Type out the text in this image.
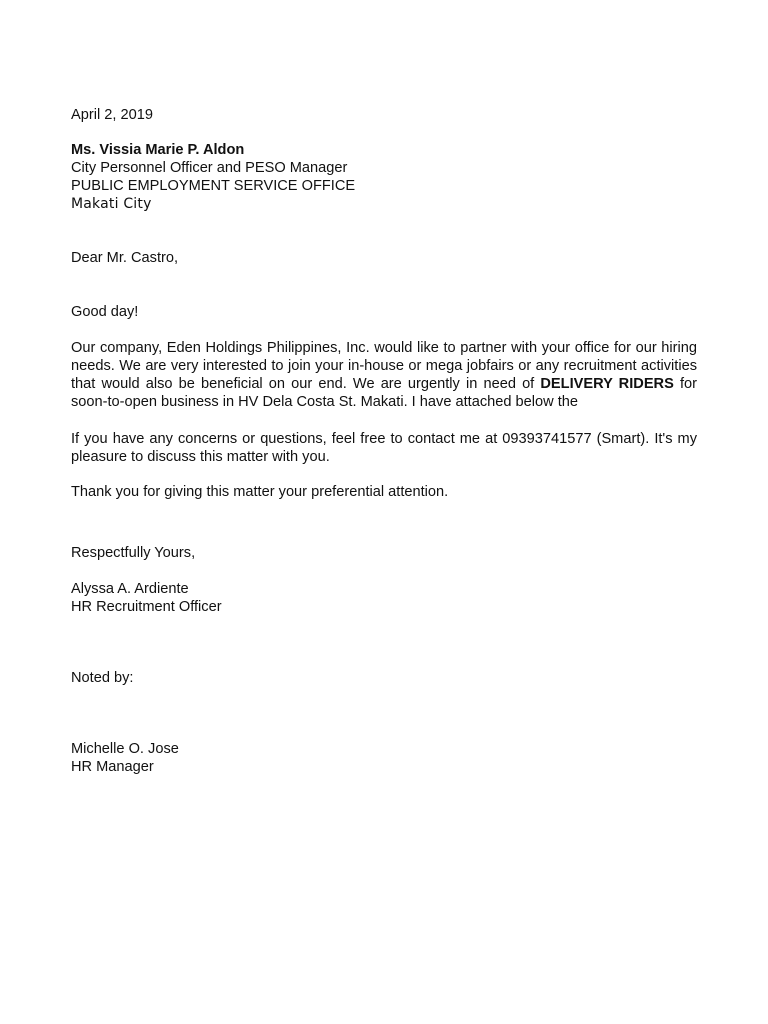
April 2, 2019
Ms. Vissia Marie P. Aldon
City Personnel Officer and PESO Manager
PUBLIC EMPLOYMENT SERVICE OFFICE
Makati City
Dear Mr. Castro,
Good day!

Our company, Eden Holdings Philippines, Inc. would like to partner with your office for our hiring needs. We are very interested to join your in-house or mega jobfairs or any recruitment activities that would also be beneficial on our end. We are urgently in need of DELIVERY RIDERS for soon-to-open business in HV Dela Costa St. Makati. I have attached below the

If you have any concerns or questions, feel free to contact me at 09393741577 (Smart). It's my pleasure to discuss this matter with you.

Thank you for giving this matter your preferential attention.

Respectfully Yours,
Alyssa A. Ardiente
HR Recruitment Officer
Noted by:
Michelle O. Jose
HR Manager
